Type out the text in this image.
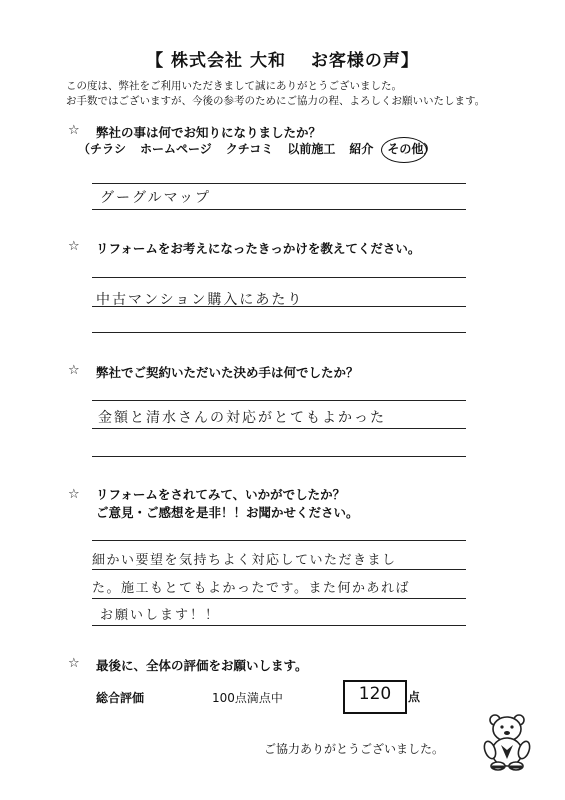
【 株式会社 大和　 お客様の声】
この度は、弊社をご利用いただきまして誠にありがとうございました。
お手数ではございますが、今後の参考のためにご協力の程、よろしくお願いいたします。
☆ 弊社の事は何でお知りになりましたか？
（チラシ ホームページ クチコミ 以前施工 紹介 その他）
グーグルマップ
☆ リフォームをお考えになったきっかけを教えてください。
中古マンション購入にあたり
☆ 弊社でご契約いただいた決め手は何でしたか？
金額と清水さんの対応がとてもよかった
☆ リフォームをされてみて、いかがでしたか？
ご意見・ご感想を是非！！お聞かせください。
細かい要望を気持ちよく対応していただきまし
た。施工もとてもよかったです。また何かあれば
お願いします！！
☆ 最後に、全体の評価をお願いします。
総合評価	100点満点中	120	点
ご協力ありがとうございました。
